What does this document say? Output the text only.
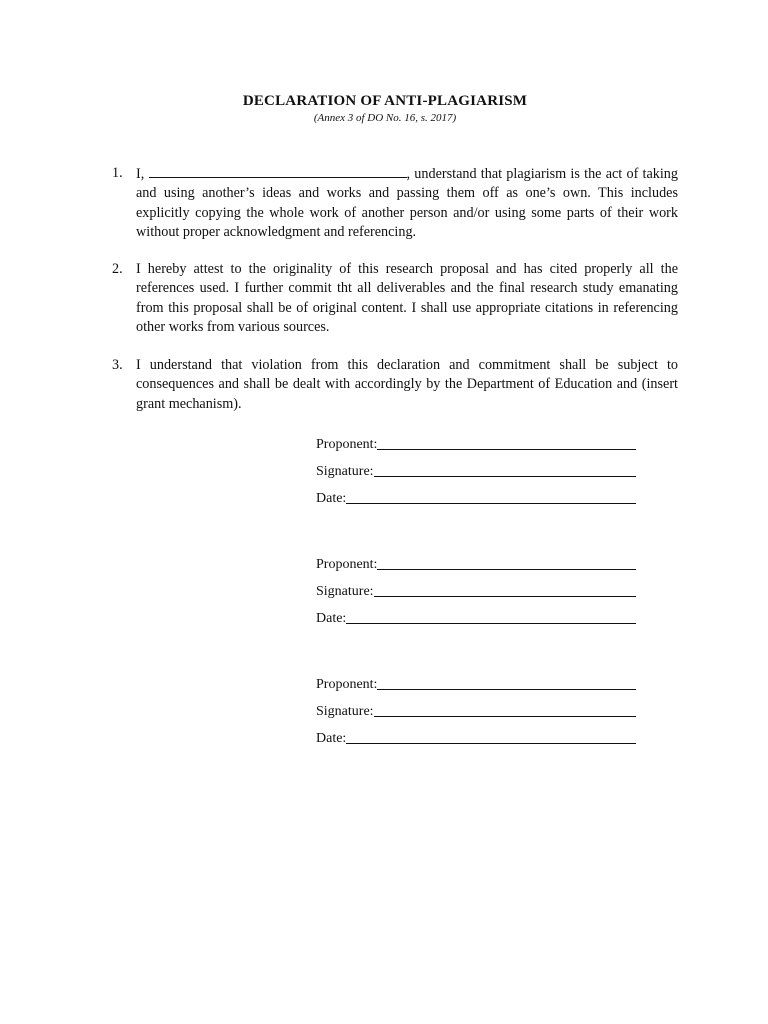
DECLARATION OF ANTI-PLAGIARISM
(Annex 3 of DO No. 16, s. 2017)
1. I,	, understand that plagiarism is the act of taking and using another’s ideas and works and passing them off as one’s own. This includes explicitly copying the whole work of another person and/or using some parts of their work without proper acknowledgment and referencing.
2. I hereby attest to the originality of this research proposal and has cited properly all the references used. I further commit tht all deliverables and the final research study emanating from this proposal shall be of original content. I shall use appropriate citations in referencing other works from various sources.
3. I understand that violation from this declaration and commitment shall be subject to consequences and shall be dealt with accordingly by the Department of Education and (insert grant mechanism).
Proponent:
Signature:
Date:
Proponent:
Signature:
Date:
Proponent:
Signature:
Date:
